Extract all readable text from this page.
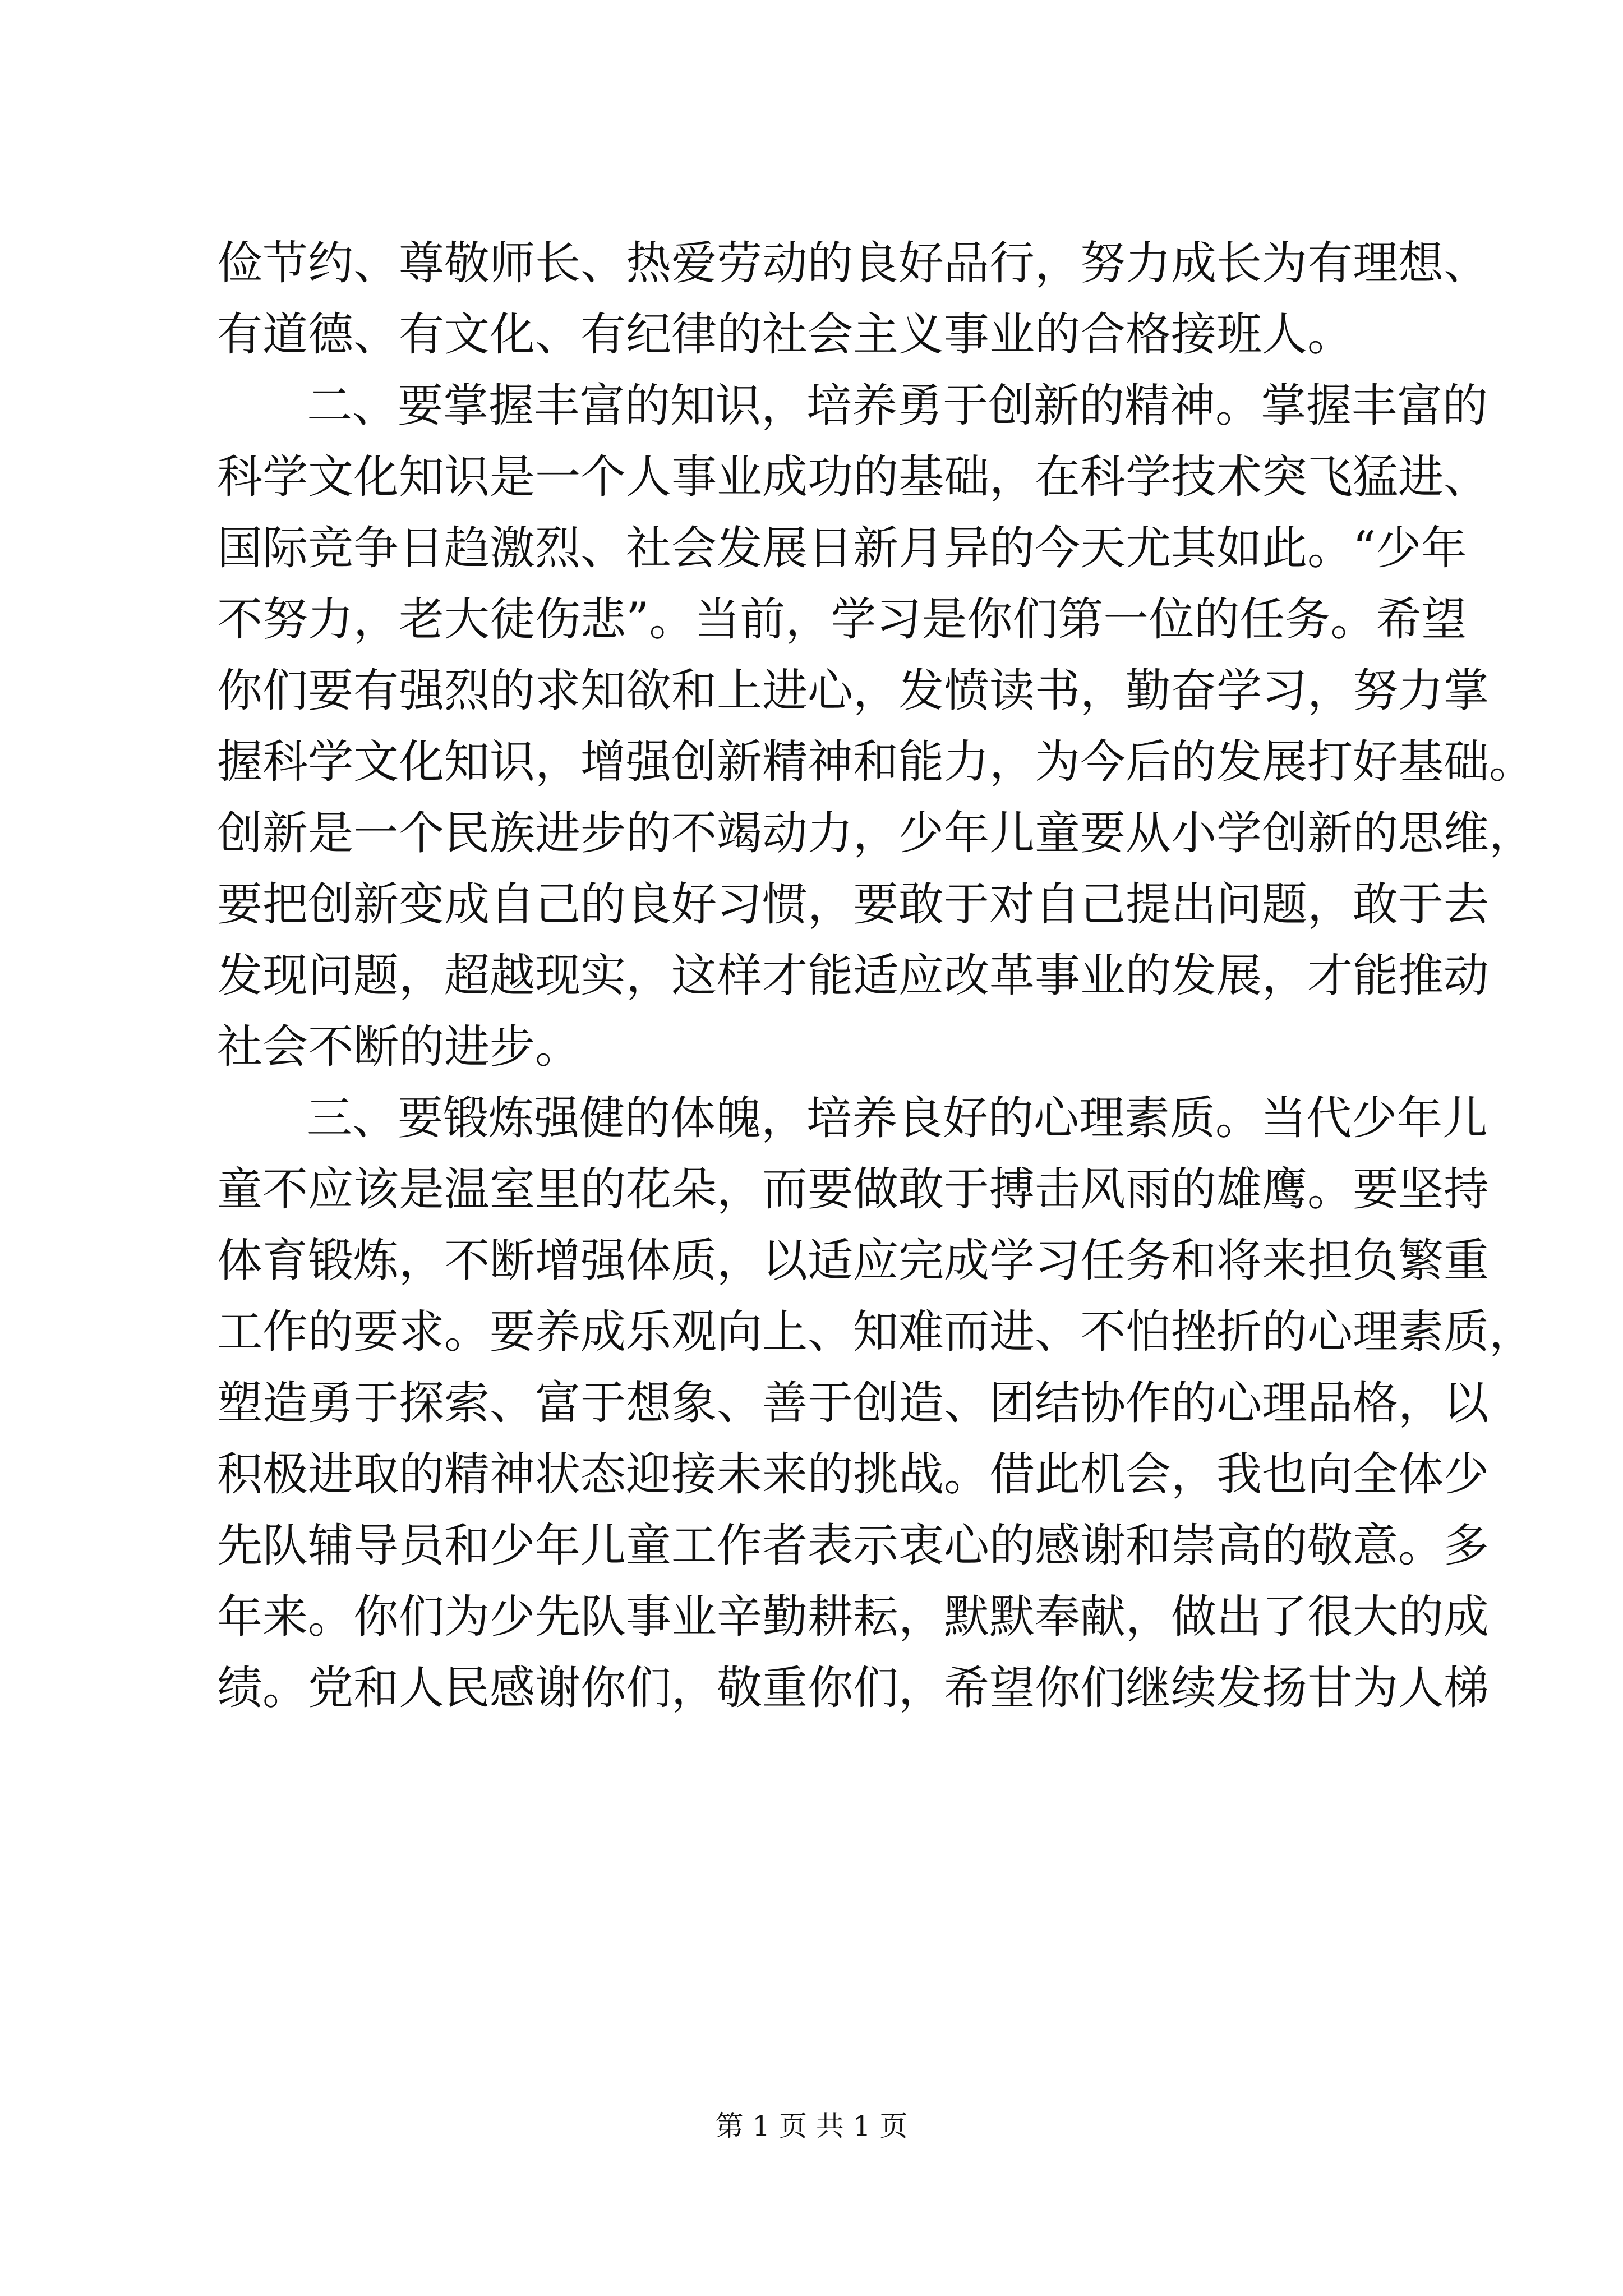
俭节约、尊敬师长、热爱劳动的良好品行，努力成长为有理想、
有道德、有文化、有纪律的社会主义事业的合格接班人。
二、要掌握丰富的知识，培养勇于创新的精神。掌握丰富的
科学文化知识是一个人事业成功的基础，在科学技术突飞猛进、
国际竞争日趋激烈、社会发展日新月异的今天尤其如此。“少年
不努力，老大徒伤悲”。当前，学习是你们第一位的任务。希望
你们要有强烈的求知欲和上进心，发愤读书，勤奋学习，努力掌
握科学文化知识，增强创新精神和能力，为今后的发展打好基础。
创新是一个民族进步的不竭动力，少年儿童要从小学创新的思维，
要把创新变成自己的良好习惯，要敢于对自己提出问题，敢于去
发现问题，超越现实，这样才能适应改革事业的发展，才能推动
社会不断的进步。
三、要锻炼强健的体魄，培养良好的心理素质。当代少年儿
童不应该是温室里的花朵，而要做敢于搏击风雨的雄鹰。要坚持
体育锻炼，不断增强体质，以适应完成学习任务和将来担负繁重
工作的要求。要养成乐观向上、知难而进、不怕挫折的心理素质，
塑造勇于探索、富于想象、善于创造、团结协作的心理品格，以
积极进取的精神状态迎接未来的挑战。借此机会，我也向全体少
先队辅导员和少年儿童工作者表示衷心的感谢和崇高的敬意。多
年来。你们为少先队事业辛勤耕耘，默默奉献，做出了很大的成
绩。党和人民感谢你们，敬重你们，希望你们继续发扬甘为人梯
第 1 页 共 1 页
